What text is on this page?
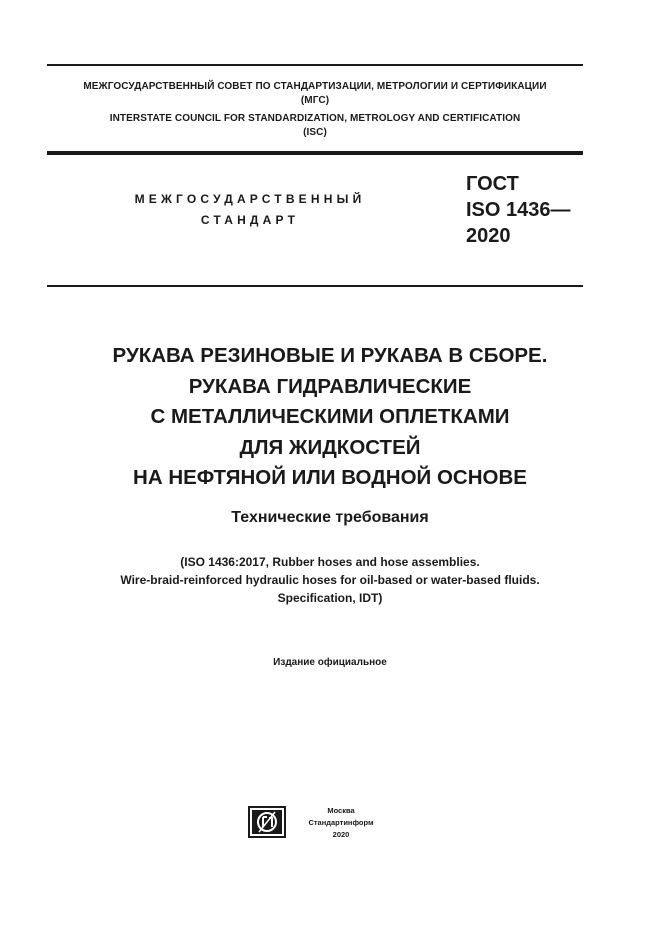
МЕЖГОСУДАРСТВЕННЫЙ СОВЕТ ПО СТАНДАРТИЗАЦИИ, МЕТРОЛОГИИ И СЕРТИФИКАЦИИ
(МГС)
INTERSTATE COUNCIL FOR STANDARDIZATION, METROLOGY AND CERTIFICATION
(ISC)
МЕЖГОСУДАРСТВЕННЫЙ
СТАНДАРТ
ГОСТ
ISO 1436—
2020
РУКАВА РЕЗИНОВЫЕ И РУКАВА В СБОРЕ.
РУКАВА ГИДРАВЛИЧЕСКИЕ
С МЕТАЛЛИЧЕСКИМИ ОПЛЕТКАМИ
ДЛЯ ЖИДКОСТЕЙ
НА НЕФТЯНОЙ ИЛИ ВОДНОЙ ОСНОВЕ
Технические требования
(ISO 1436:2017, Rubber hoses and hose assemblies.
Wire-braid-reinforced hydraulic hoses for oil-based or water-based fluids.
Specification, IDT)
Издание официальное
Москва
Стандартинформ
2020
